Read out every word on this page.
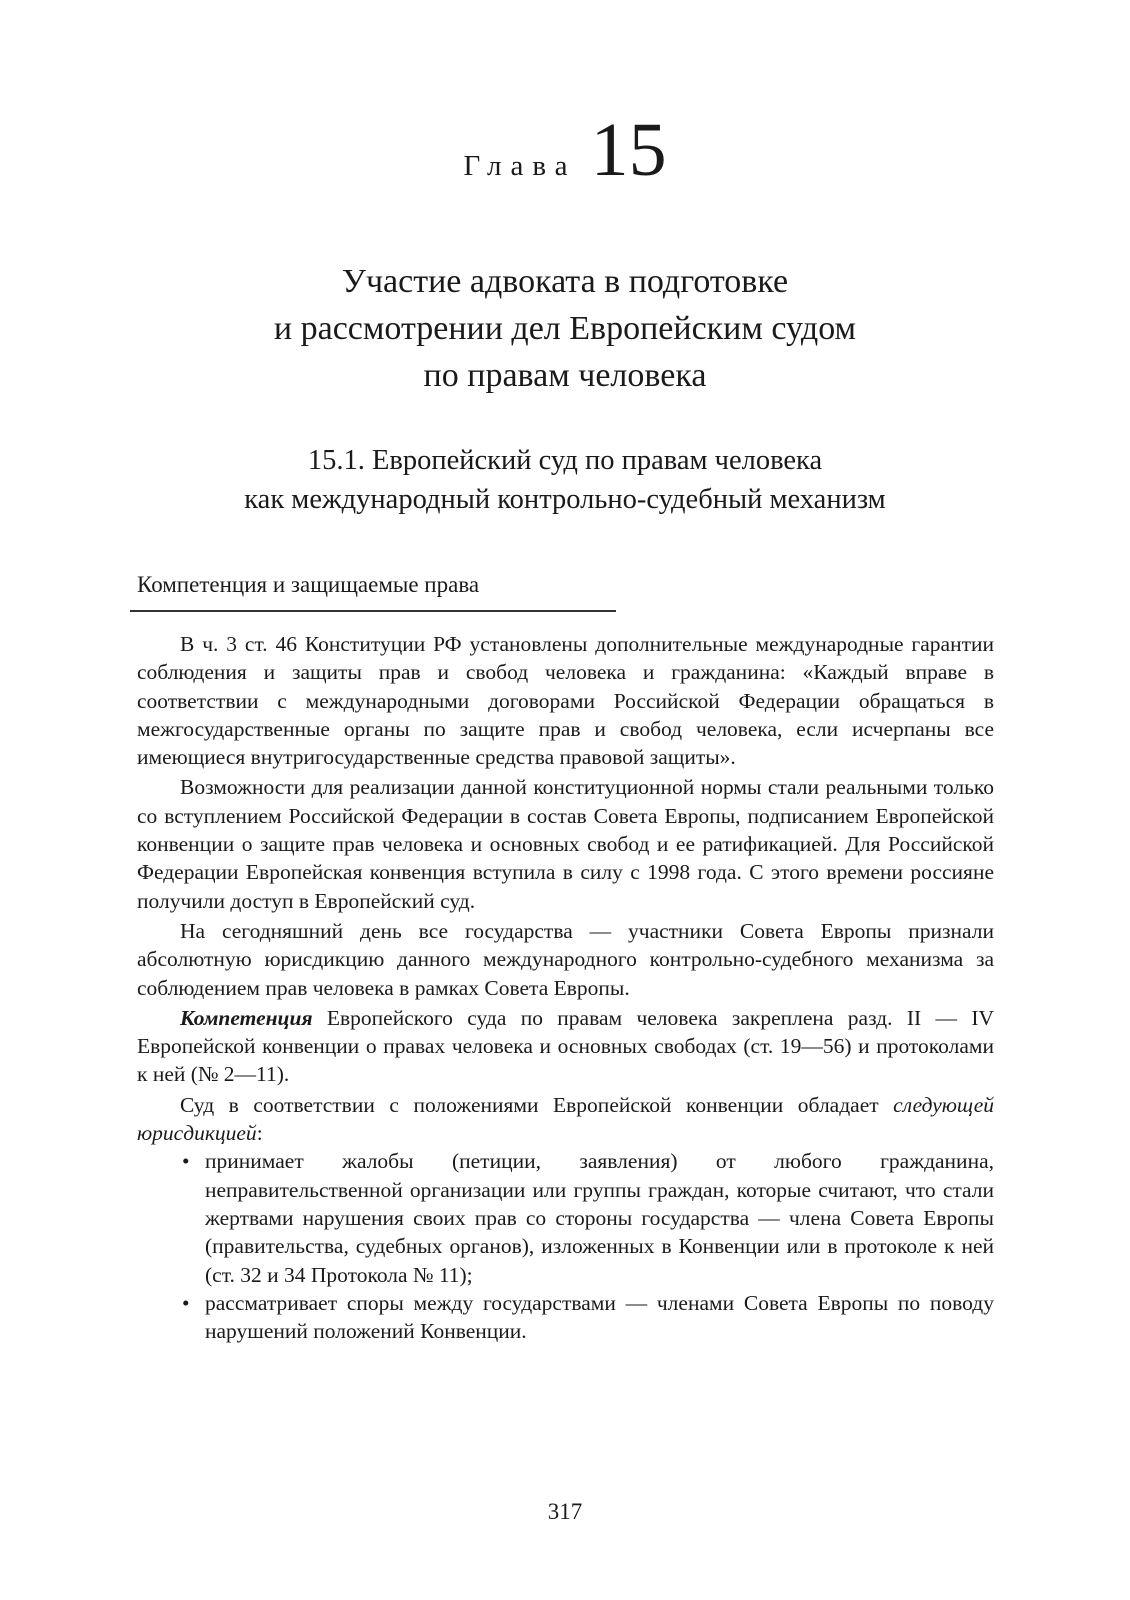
Глава 15
Участие адвоката в подготовке
и рассмотрении дел Европейским судом
по правам человека
15.1. Европейский суд по правам человека
как международный контрольно-судебный механизм
Компетенция и защищаемые права

В ч. 3 ст. 46 Конституции РФ установлены дополнительные международные гарантии соблюдения и защиты прав и свобод человека и гражданина: «Каждый вправе в соответствии с международными договорами Российской Федерации обращаться в межгосударственные органы по защите прав и свобод человека, если исчерпаны все имеющиеся внутригосударственные средства правовой защиты».

Возможности для реализации данной конституционной нормы стали реальными только со вступлением Российской Федерации в состав Совета Европы, подписанием Европейской конвенции о защите прав человека и основных свобод и ее ратификацией. Для Российской Федерации Европейская конвенция вступила в силу с 1998 года. С этого времени россияне получили доступ в Европейский суд.

На сегодняшний день все государства — участники Совета Европы признали абсолютную юрисдикцию данного международного контрольно-судебного механизма за соблюдением прав человека в рамках Совета Европы.

Компетенция Европейского суда по правам человека закреплена разд. II — IV Европейской конвенции о правах человека и основных свободах (ст. 19—56) и протоколами к ней (№ 2—11).

Суд в соответствии с положениями Европейской конвенции обладает следующей юрисдикцией:

• принимает жалобы (петиции, заявления) от любого гражданина, неправительственной организации или группы граждан, которые считают, что стали жертвами нарушения своих прав со стороны государства — члена Совета Европы (правительства, судебных органов), изложенных в Конвенции или в протоколе к ней (ст. 32 и 34 Протокола № 11);
• рассматривает споры между государствами — членами Совета Европы по поводу нарушений положений Конвенции.
317
